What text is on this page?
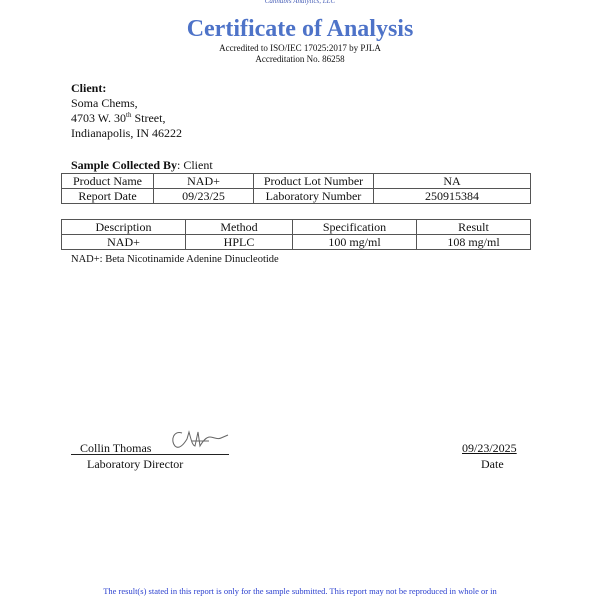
Cannabis Analytics, LLC
Certificate of Analysis
Accredited to ISO/IEC 17025:2017 by PJLA
Accreditation No. 86258
Client:
Soma Chems,
4703 W. 30th Street,
Indianapolis, IN 46222
Sample Collected By: Client
Product Name	NAD+	Product Lot Number	NA
Report Date	09/23/25	Laboratory Number	250915384
Description	Method	Specification	Result
NAD+	HPLC	100 mg/ml	108 mg/ml
NAD+: Beta Nicotinamide Adenine Dinucleotide
Collin Thomas
Laboratory Director
09/23/2025
Date
The result(s) stated in this report is only for the sample submitted. This report may not be reproduced in whole or in
